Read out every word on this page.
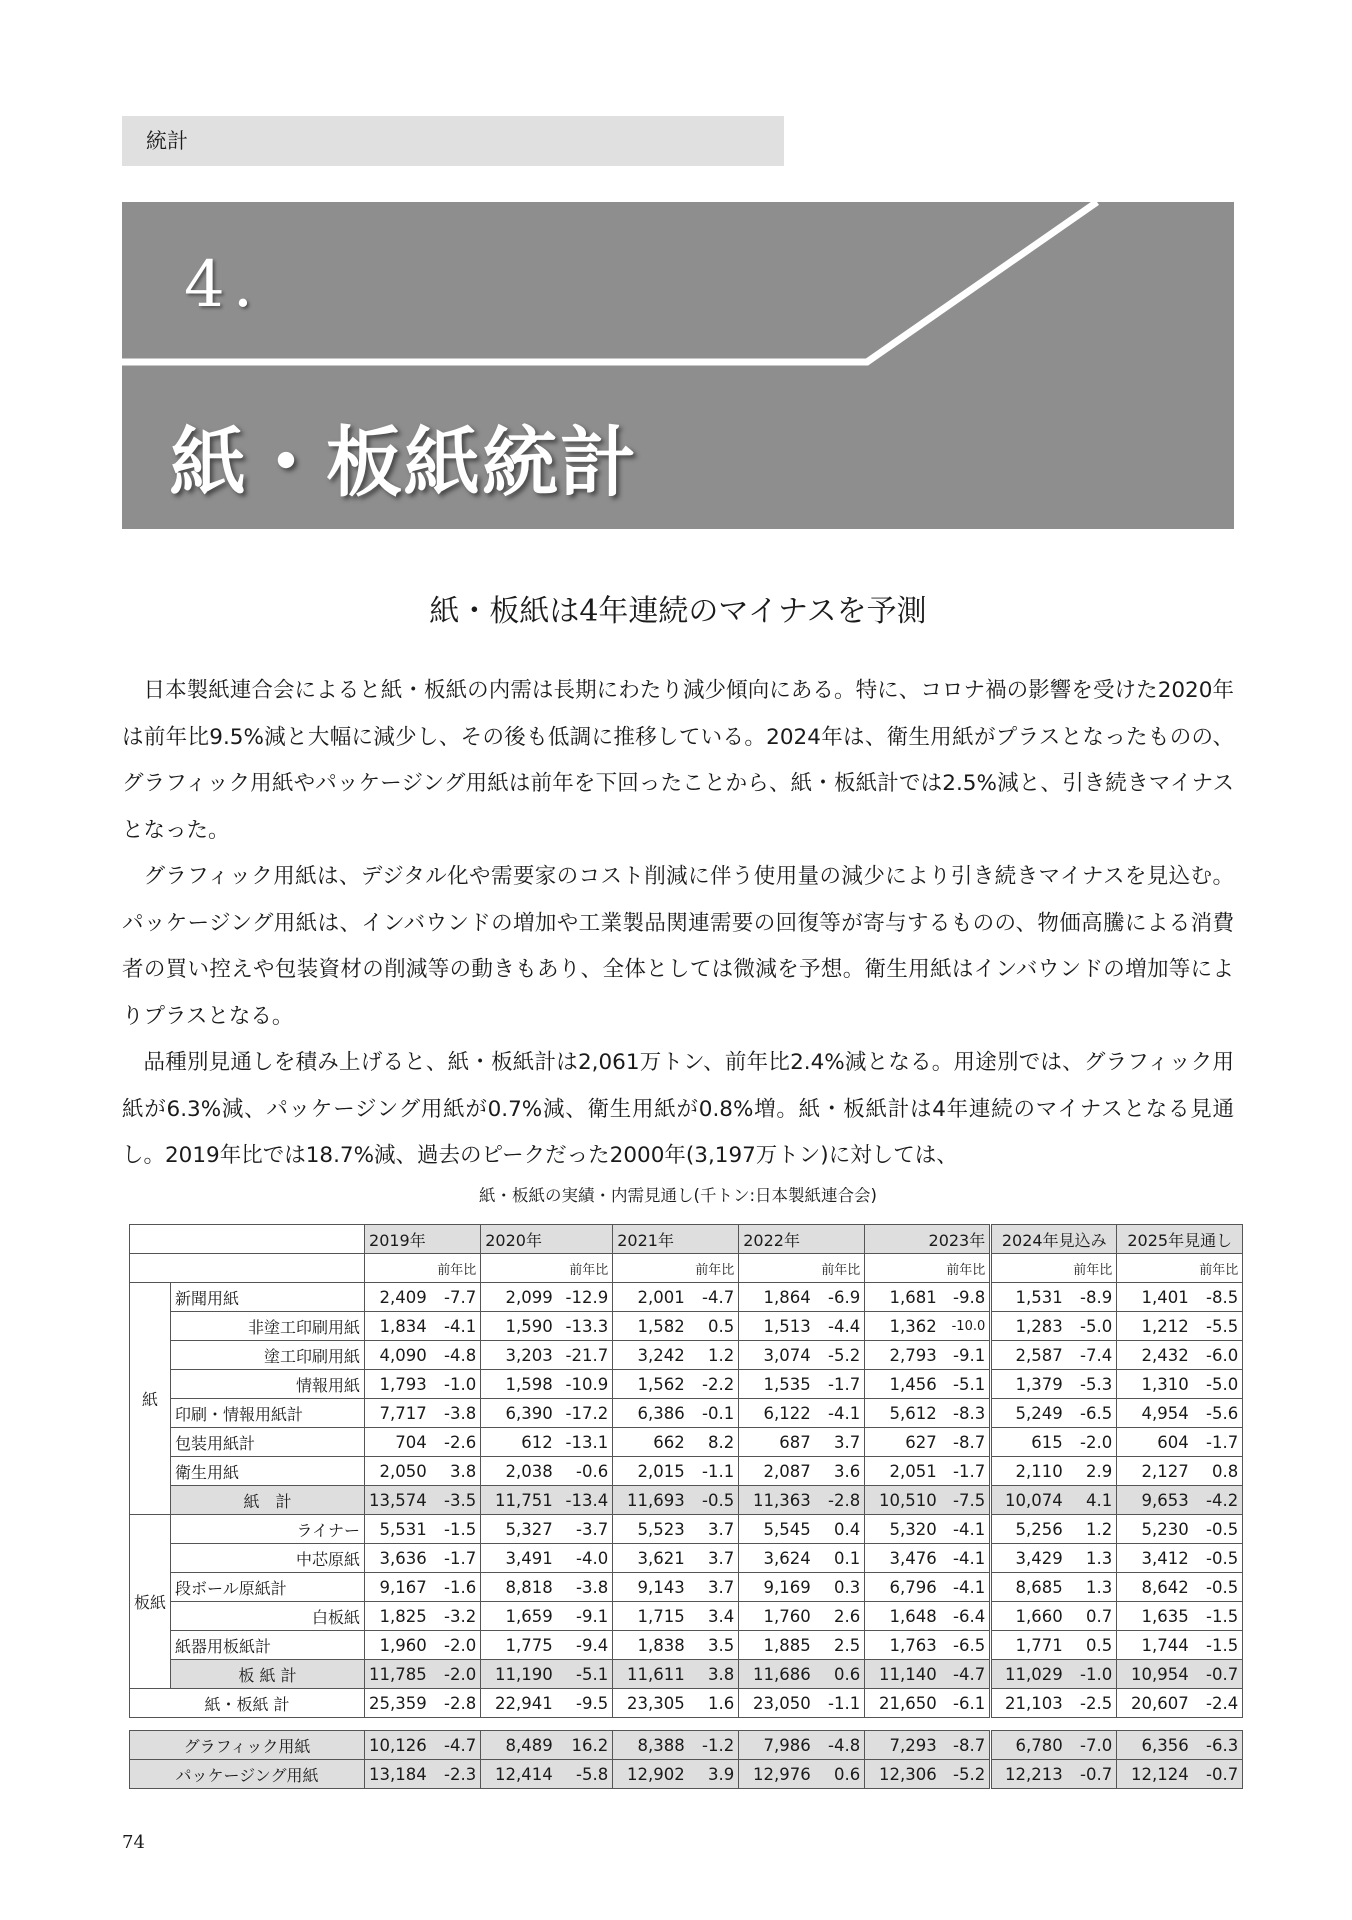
統計
4.
紙・板紙統計
紙・板紙は4年連続のマイナスを予測

日本製紙連合会によると紙・板紙の内需は長期にわたり減少傾向にある。特に、コロナ禍の影響を受けた2020年は前年比9.5%減と大幅に減少し、その後も低調に推移している。2024年は、衛生用紙がプラスとなったものの、グラフィック用紙やパッケージング用紙は前年を下回ったことから、紙・板紙計では2.5%減と、引き続きマイナスとなった。

グラフィック用紙は、デジタル化や需要家のコスト削減に伴う使用量の減少により引き続きマイナスを見込む。パッケージング用紙は、インバウンドの増加や工業製品関連需要の回復等が寄与するものの、物価高騰による消費者の買い控えや包装資材の削減等の動きもあり、全体としては微減を予想。衛生用紙はインバウンドの増加等によりプラスとなる。

品種別見通しを積み上げると、紙・板紙計は2,061万トン、前年比2.4%減となる。用途別では、グラフィック用紙が6.3%減、パッケージング用紙が0.7%減、衛生用紙が0.8%増。紙・板紙計は4年連続のマイナスとなる見通し。2019年比では18.7%減、過去のピークだった2000年(3,197万トン)に対しては、

紙・板紙の実績・内需見通し(千トン:日本製紙連合会)
		2019年		2020年		2021年		2022年		2023年		2024年見込み		2025年見通し	
			前年比		前年比		前年比		前年比		前年比		前年比		前年比
紙	新聞用紙	2,409	-7.7	2,099	-12.9	2,001	-4.7	1,864	-6.9	1,681	-9.8	1,531	-8.9	1,401	-8.5
	非塗工印刷用紙	1,834	-4.1	1,590	-13.3	1,582	0.5	1,513	-4.4	1,362	-10.0	1,283	-5.0	1,212	-5.5
	塗工印刷用紙	4,090	-4.8	3,203	-21.7	3,242	1.2	3,074	-5.2	2,793	-9.1	2,587	-7.4	2,432	-6.0
	情報用紙	1,793	-1.0	1,598	-10.9	1,562	-2.2	1,535	-1.7	1,456	-5.1	1,379	-5.3	1,310	-5.0
	印刷・情報用紙計	7,717	-3.8	6,390	-17.2	6,386	-0.1	6,122	-4.1	5,612	-8.3	5,249	-6.5	4,954	-5.6
	包装用紙計	704	-2.6	612	-13.1	662	8.2	687	3.7	627	-8.7	615	-2.0	604	-1.7
	衛生用紙	2,050	3.8	2,038	-0.6	2,015	-1.1	2,087	3.6	2,051	-1.7	2,110	2.9	2,127	0.8
	紙　計	13,574	-3.5	11,751	-13.4	11,693	-0.5	11,363	-2.8	10,510	-7.5	10,074	4.1	9,653	-4.2
板紙	ライナー	5,531	-1.5	5,327	-3.7	5,523	3.7	5,545	0.4	5,320	-4.1	5,256	1.2	5,230	-0.5
	中芯原紙	3,636	-1.7	3,491	-4.0	3,621	3.7	3,624	0.1	3,476	-4.1	3,429	1.3	3,412	-0.5
	段ボール原紙計	9,167	-1.6	8,818	-3.8	9,143	3.7	9,169	0.3	6,796	-4.1	8,685	1.3	8,642	-0.5
	白板紙	1,825	-3.2	1,659	-9.1	1,715	3.4	1,760	2.6	1,648	-6.4	1,660	0.7	1,635	-1.5
	紙器用板紙計	1,960	-2.0	1,775	-9.4	1,838	3.5	1,885	2.5	1,763	-6.5	1,771	0.5	1,744	-1.5
	板 紙 計	11,785	-2.0	11,190	-5.1	11,611	3.8	11,686	0.6	11,140	-4.7	11,029	-1.0	10,954	-0.7
紙・板紙 計		25,359	-2.8	22,941	-9.5	23,305	1.6	23,050	-1.1	21,650	-6.1	21,103	-2.5	20,607	-2.4

グラフィック用紙		10,126	-4.7	8,489	16.2	8,388	-1.2	7,986	-4.8	7,293	-8.7	6,780	-7.0	6,356	-6.3
パッケージング用紙		13,184	-2.3	12,414	-5.8	12,902	3.9	12,976	0.6	12,306	-5.2	12,213	-0.7	12,124	-0.7
74
